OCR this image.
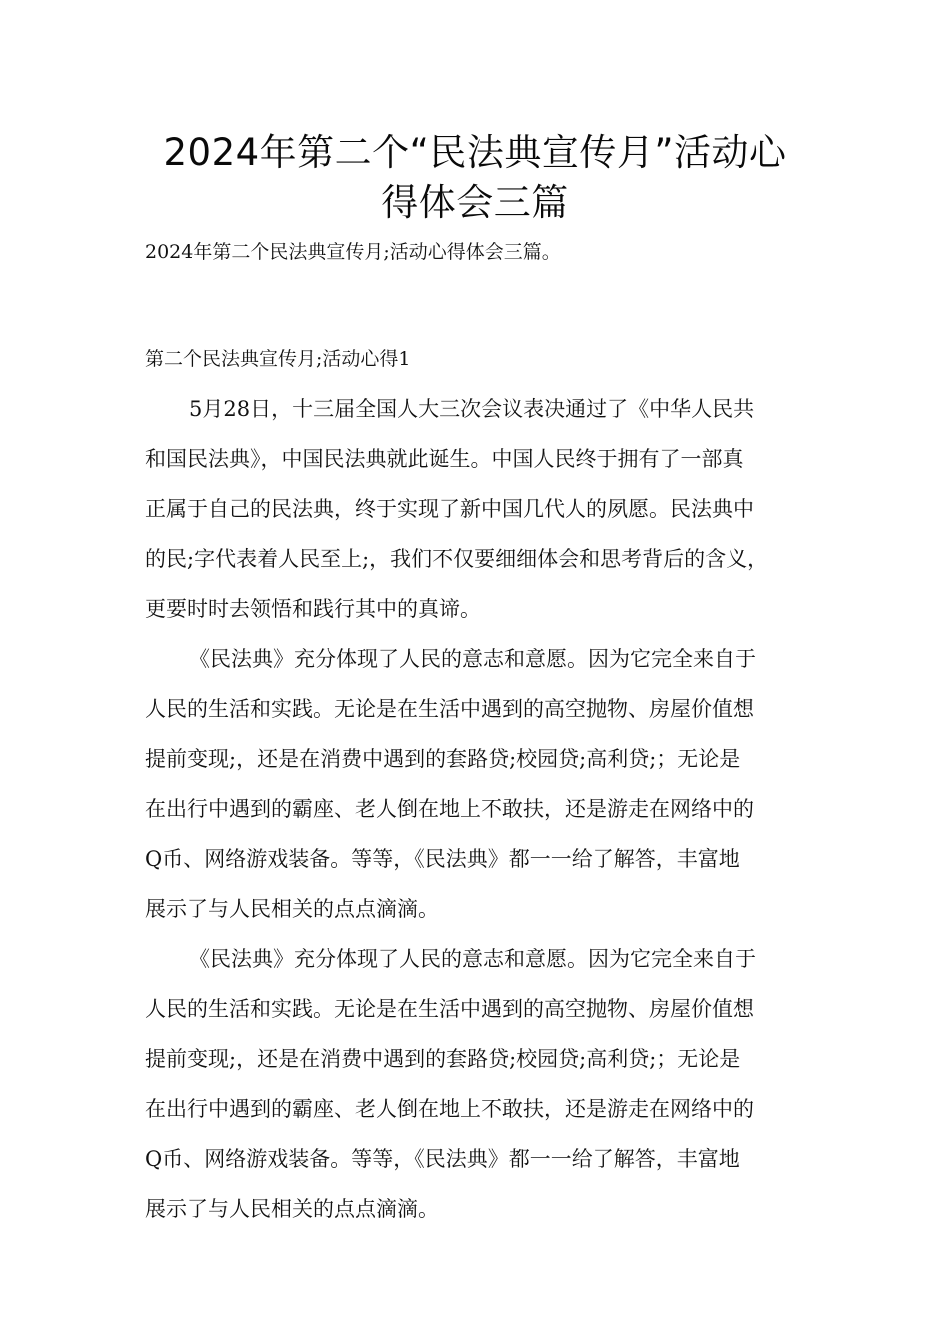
2024年第二个“民法典宣传月”活动心
得体会三篇
2024年第二个民法典宣传月;活动心得体会三篇。

第二个民法典宣传月;活动心得1

5月28日，十三届全国人大三次会议表决通过了《中华人民共
和国民法典》，中国民法典就此诞生。中国人民终于拥有了一部真
正属于自己的民法典，终于实现了新中国几代人的夙愿。民法典中
的民;字代表着人民至上;，我们不仅要细细体会和思考背后的含义，
更要时时去领悟和践行其中的真谛。

《民法典》充分体现了人民的意志和意愿。因为它完全来自于
人民的生活和实践。无论是在生活中遇到的高空抛物、房屋价值想
提前变现;，还是在消费中遇到的套路贷;校园贷;高利贷;；无论是
在出行中遇到的霸座、老人倒在地上不敢扶，还是游走在网络中的
Q币、网络游戏装备。等等，《民法典》都一一给了解答，丰富地
展示了与人民相关的点点滴滴。

《民法典》充分体现了人民的意志和意愿。因为它完全来自于
人民的生活和实践。无论是在生活中遇到的高空抛物、房屋价值想
提前变现;，还是在消费中遇到的套路贷;校园贷;高利贷;；无论是
在出行中遇到的霸座、老人倒在地上不敢扶，还是游走在网络中的
Q币、网络游戏装备。等等，《民法典》都一一给了解答，丰富地
展示了与人民相关的点点滴滴。
